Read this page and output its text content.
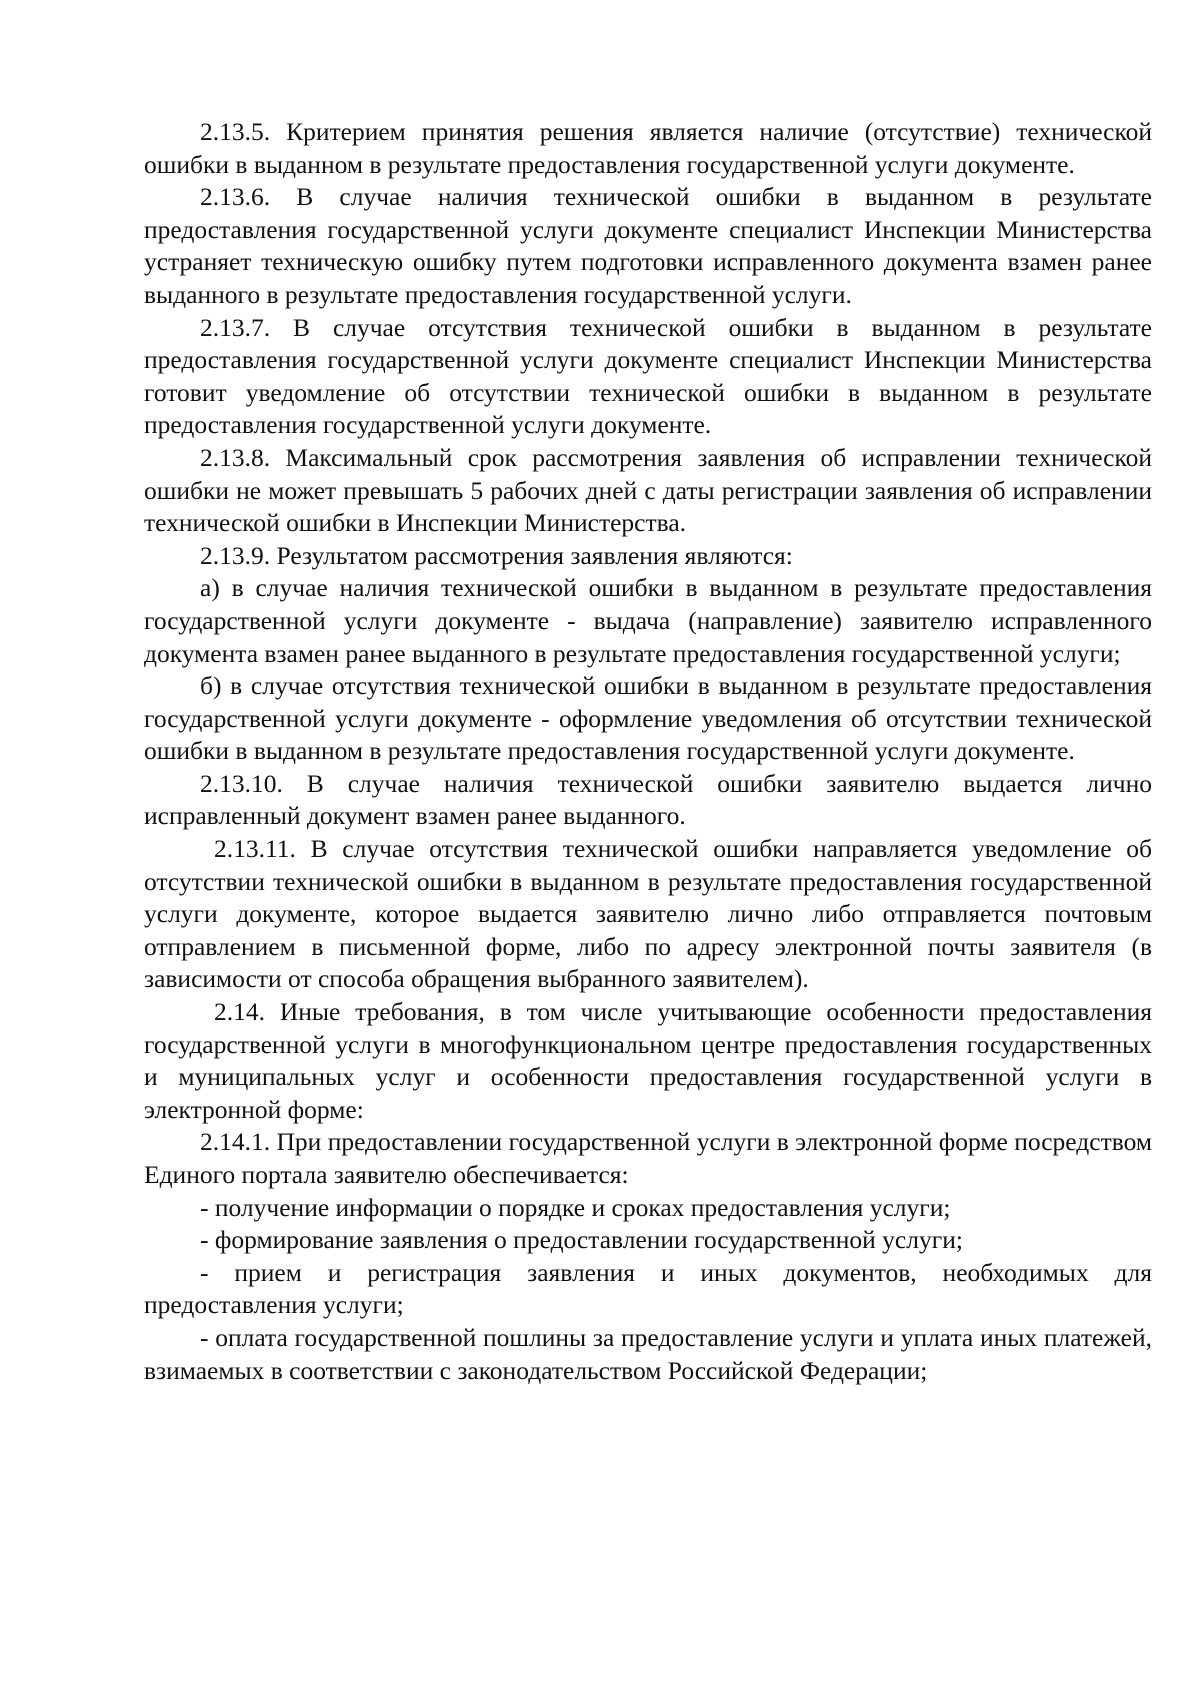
2.13.5. Критерием принятия решения является наличие (отсутствие) технической ошибки в выданном в результате предоставления государственной услуги документе.

2.13.6. В случае наличия технической ошибки в выданном в результате предоставления государственной услуги документе специалист Инспекции Министерства устраняет техническую ошибку путем подготовки исправленного документа взамен ранее выданного в результате предоставления государственной услуги.

2.13.7. В случае отсутствия технической ошибки в выданном в результате предоставления государственной услуги документе специалист Инспекции Министерства готовит уведомление об отсутствии технической ошибки в выданном в результате предоставления государственной услуги документе.

2.13.8. Максимальный срок рассмотрения заявления об исправлении технической ошибки не может превышать 5 рабочих дней с даты регистрации заявления об исправлении технической ошибки в Инспекции Министерства.

2.13.9. Результатом рассмотрения заявления являются:

а) в случае наличия технической ошибки в выданном в результате предоставления государственной услуги документе - выдача (направление) заявителю исправленного документа взамен ранее выданного в результате предоставления государственной услуги;

б) в случае отсутствия технической ошибки в выданном в результате предоставления государственной услуги документе - оформление уведомления об отсутствии технической ошибки в выданном в результате предоставления государственной услуги документе.

2.13.10. В случае наличия технической ошибки заявителю выдается лично исправленный документ взамен ранее выданного.

2.13.11. В случае отсутствия технической ошибки направляется уведомление об отсутствии технической ошибки в выданном в результате предоставления государственной услуги документе, которое выдается заявителю лично либо отправляется почтовым отправлением в письменной форме, либо по адресу электронной почты заявителя (в зависимости от способа обращения выбранного заявителем).

2.14. Иные требования, в том числе учитывающие особенности предоставления государственной услуги в многофункциональном центре предоставления государственных и муниципальных услуг и особенности предоставления государственной услуги в электронной форме:

2.14.1. При предоставлении государственной услуги в электронной форме посредством Единого портала заявителю обеспечивается:

- получение информации о порядке и сроках предоставления услуги;

- формирование заявления о предоставлении государственной услуги;

- прием и регистрация заявления и иных документов, необходимых для предоставления услуги;

- оплата государственной пошлины за предоставление услуги и уплата иных платежей, взимаемых в соответствии с законодательством Российской Федерации;
